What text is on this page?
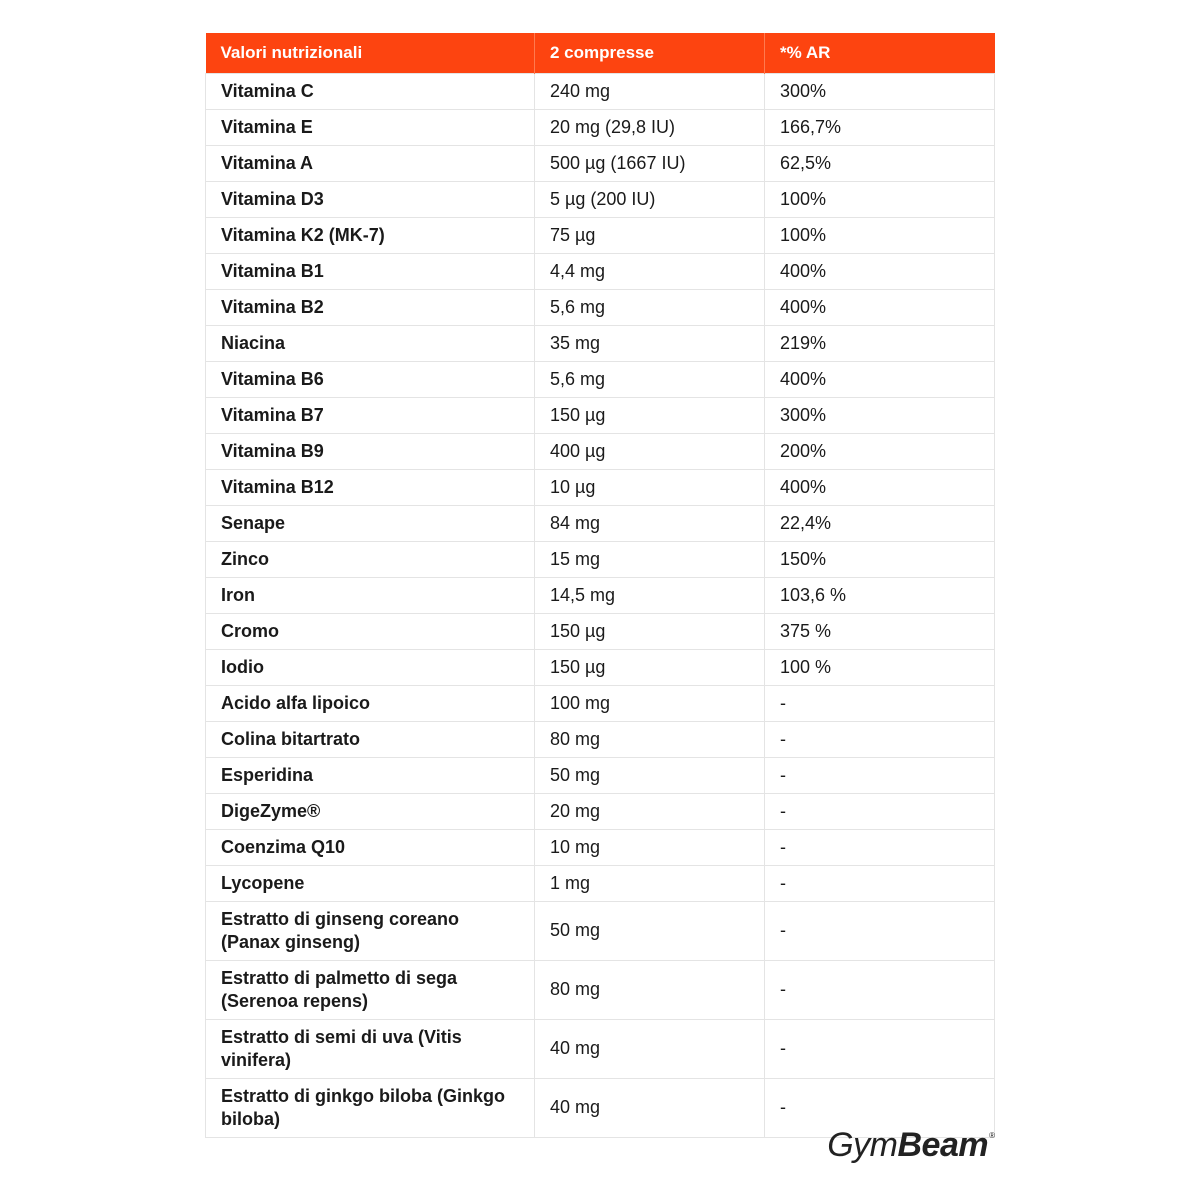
Valori nutrizionali	2 compresse	*% AR
Vitamina C	240 mg	300%
Vitamina E	20 mg (29,8 IU)	166,7%
Vitamina A	500 µg (1667 IU)	62,5%
Vitamina D3	5 µg (200 IU)	100%
Vitamina K2 (MK-7)	75 µg	100%
Vitamina B1	4,4 mg	400%
Vitamina B2	5,6 mg	400%
Niacina	35 mg	219%
Vitamina B6	5,6 mg	400%
Vitamina B7	150 µg	300%
Vitamina B9	400 µg	200%
Vitamina B12	10 µg	400%
Senape	84 mg	22,4%
Zinco	15 mg	150%
Iron	14,5 mg	103,6 %
Cromo	150 µg	375 %
Iodio	150 µg	100 %
Acido alfa lipoico	100 mg	-
Colina bitartrato	80 mg	-
Esperidina	50 mg	-
DigeZyme®	20 mg	-
Coenzima Q10	10 mg	-
Lycopene	1 mg	-
Estratto di ginseng coreano (Panax ginseng)	50 mg	-
Estratto di palmetto di sega (Serenoa repens)	80 mg	-
Estratto di semi di uva (Vitis vinifera)	40 mg	-
Estratto di ginkgo biloba (Ginkgo biloba)	40 mg	-
GymBeam ®
